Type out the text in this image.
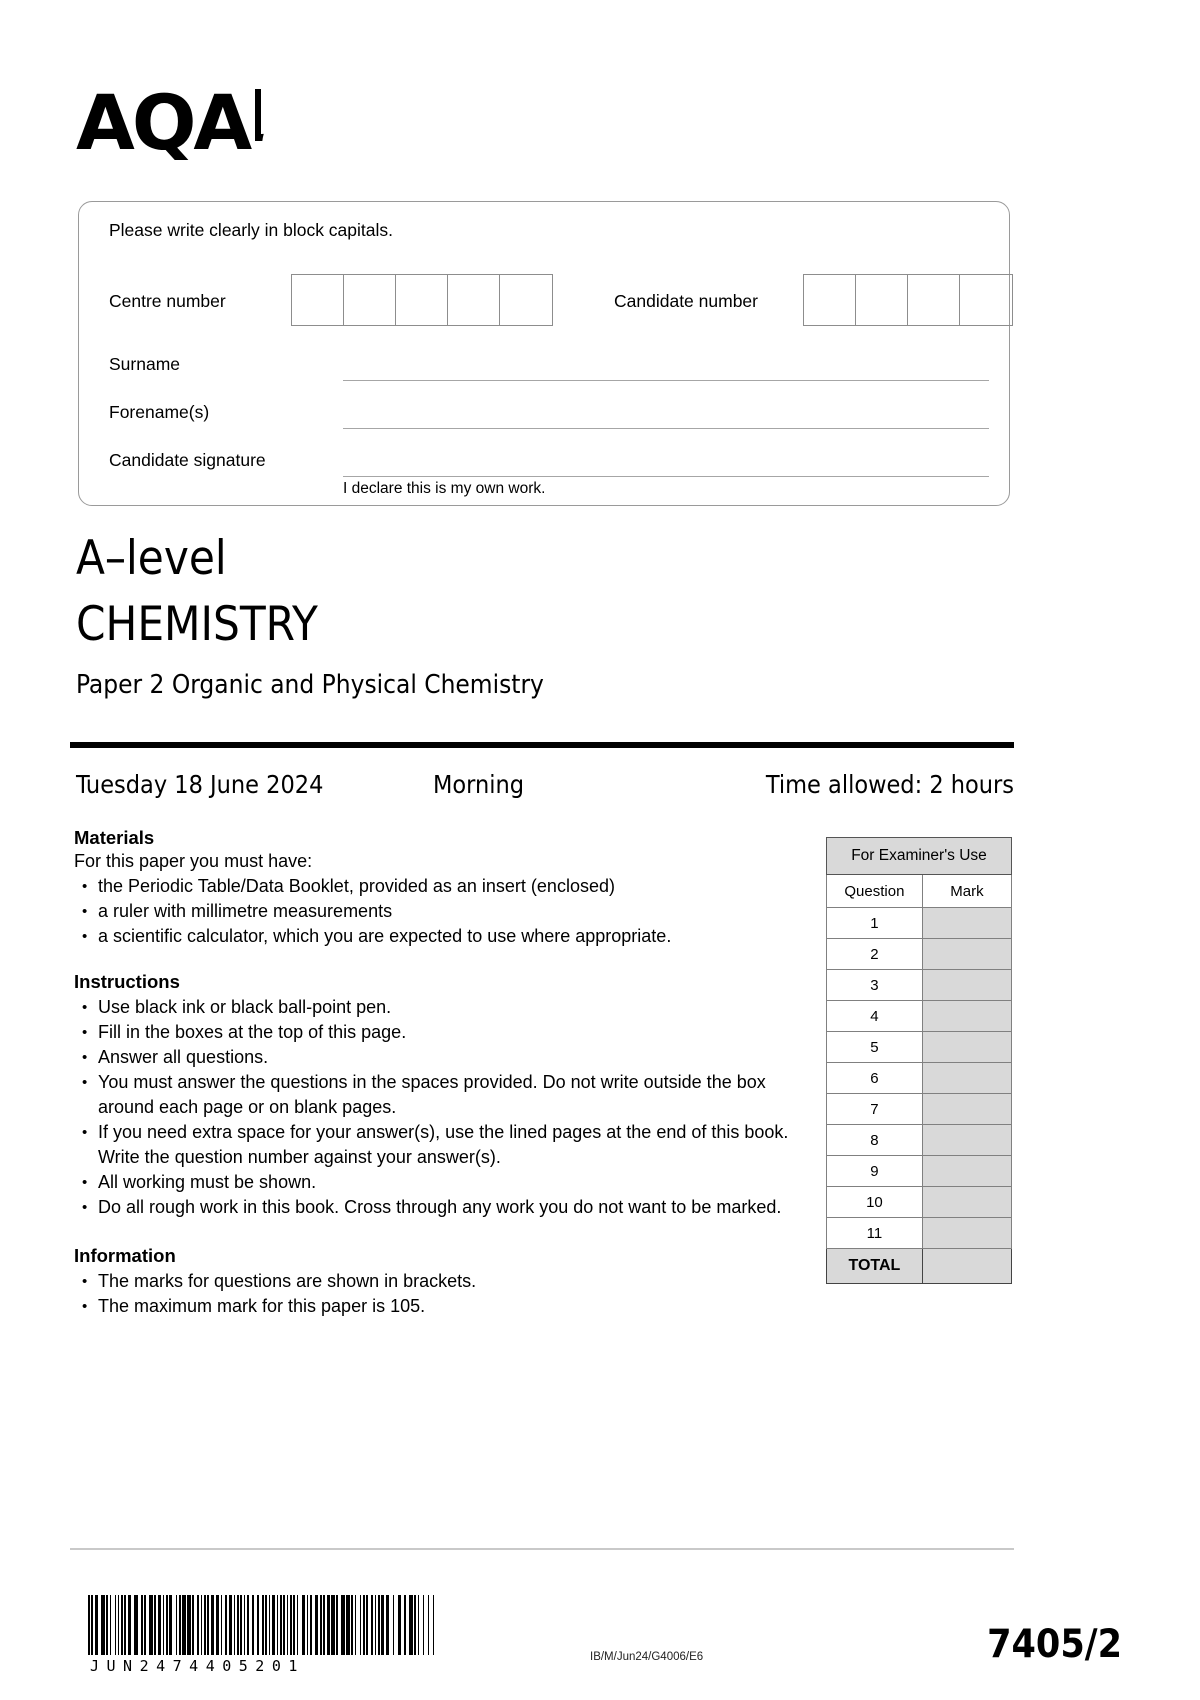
AQA
Please write clearly in block capitals.
Centre number	Candidate number
Surname
Forename(s)
Candidate signature
I declare this is my own work.
A–level
CHEMISTRY
Paper 2 Organic and Physical Chemistry
Tuesday 18 June 2024	Morning	Time allowed: 2 hours
Materials
For this paper you must have:
• the Periodic Table/Data Booklet, provided as an insert (enclosed)
• a ruler with millimetre measurements
• a scientific calculator, which you are expected to use where appropriate.
Instructions
• Use black ink or black ball-point pen.
• Fill in the boxes at the top of this page.
• Answer all questions.
• You must answer the questions in the spaces provided. Do not write outside the box around each page or on blank pages.
• If you need extra space for your answer(s), use the lined pages at the end of this book. Write the question number against your answer(s).
• All working must be shown.
• Do all rough work in this book. Cross through any work you do not want to be marked.
Information
• The marks for questions are shown in brackets.
• The maximum mark for this paper is 105.
For Examiner's Use	
Question	Mark
1	
2	
3	
4	
5	
6	
7	
8	
9	
10	
11	
TOTAL	
JUN2474405201	IB/M/Jun24/G4006/E6	7405/2
